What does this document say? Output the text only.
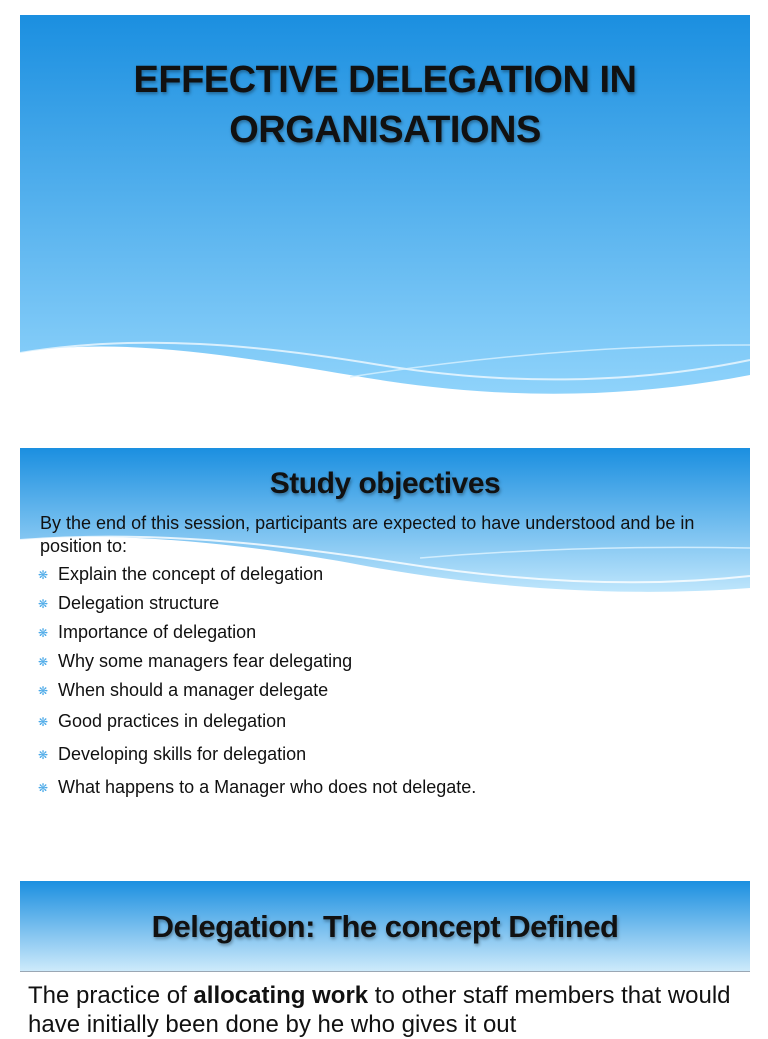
EFFECTIVE DELEGATION IN
ORGANISATIONS
Study objectives
By the end of this session, participants are expected to have understood and be in position to:
❋ Explain the concept of delegation
❋ Delegation structure
❋ Importance of delegation
❋ Why some managers fear delegating
❋ When should a manager delegate
❋ Good practices in delegation
❋ Developing skills for delegation
❋ What happens to a Manager who does not delegate.
Delegation: The concept Defined
The practice of allocating work to other staff members that would have initially been done by he who gives it out
